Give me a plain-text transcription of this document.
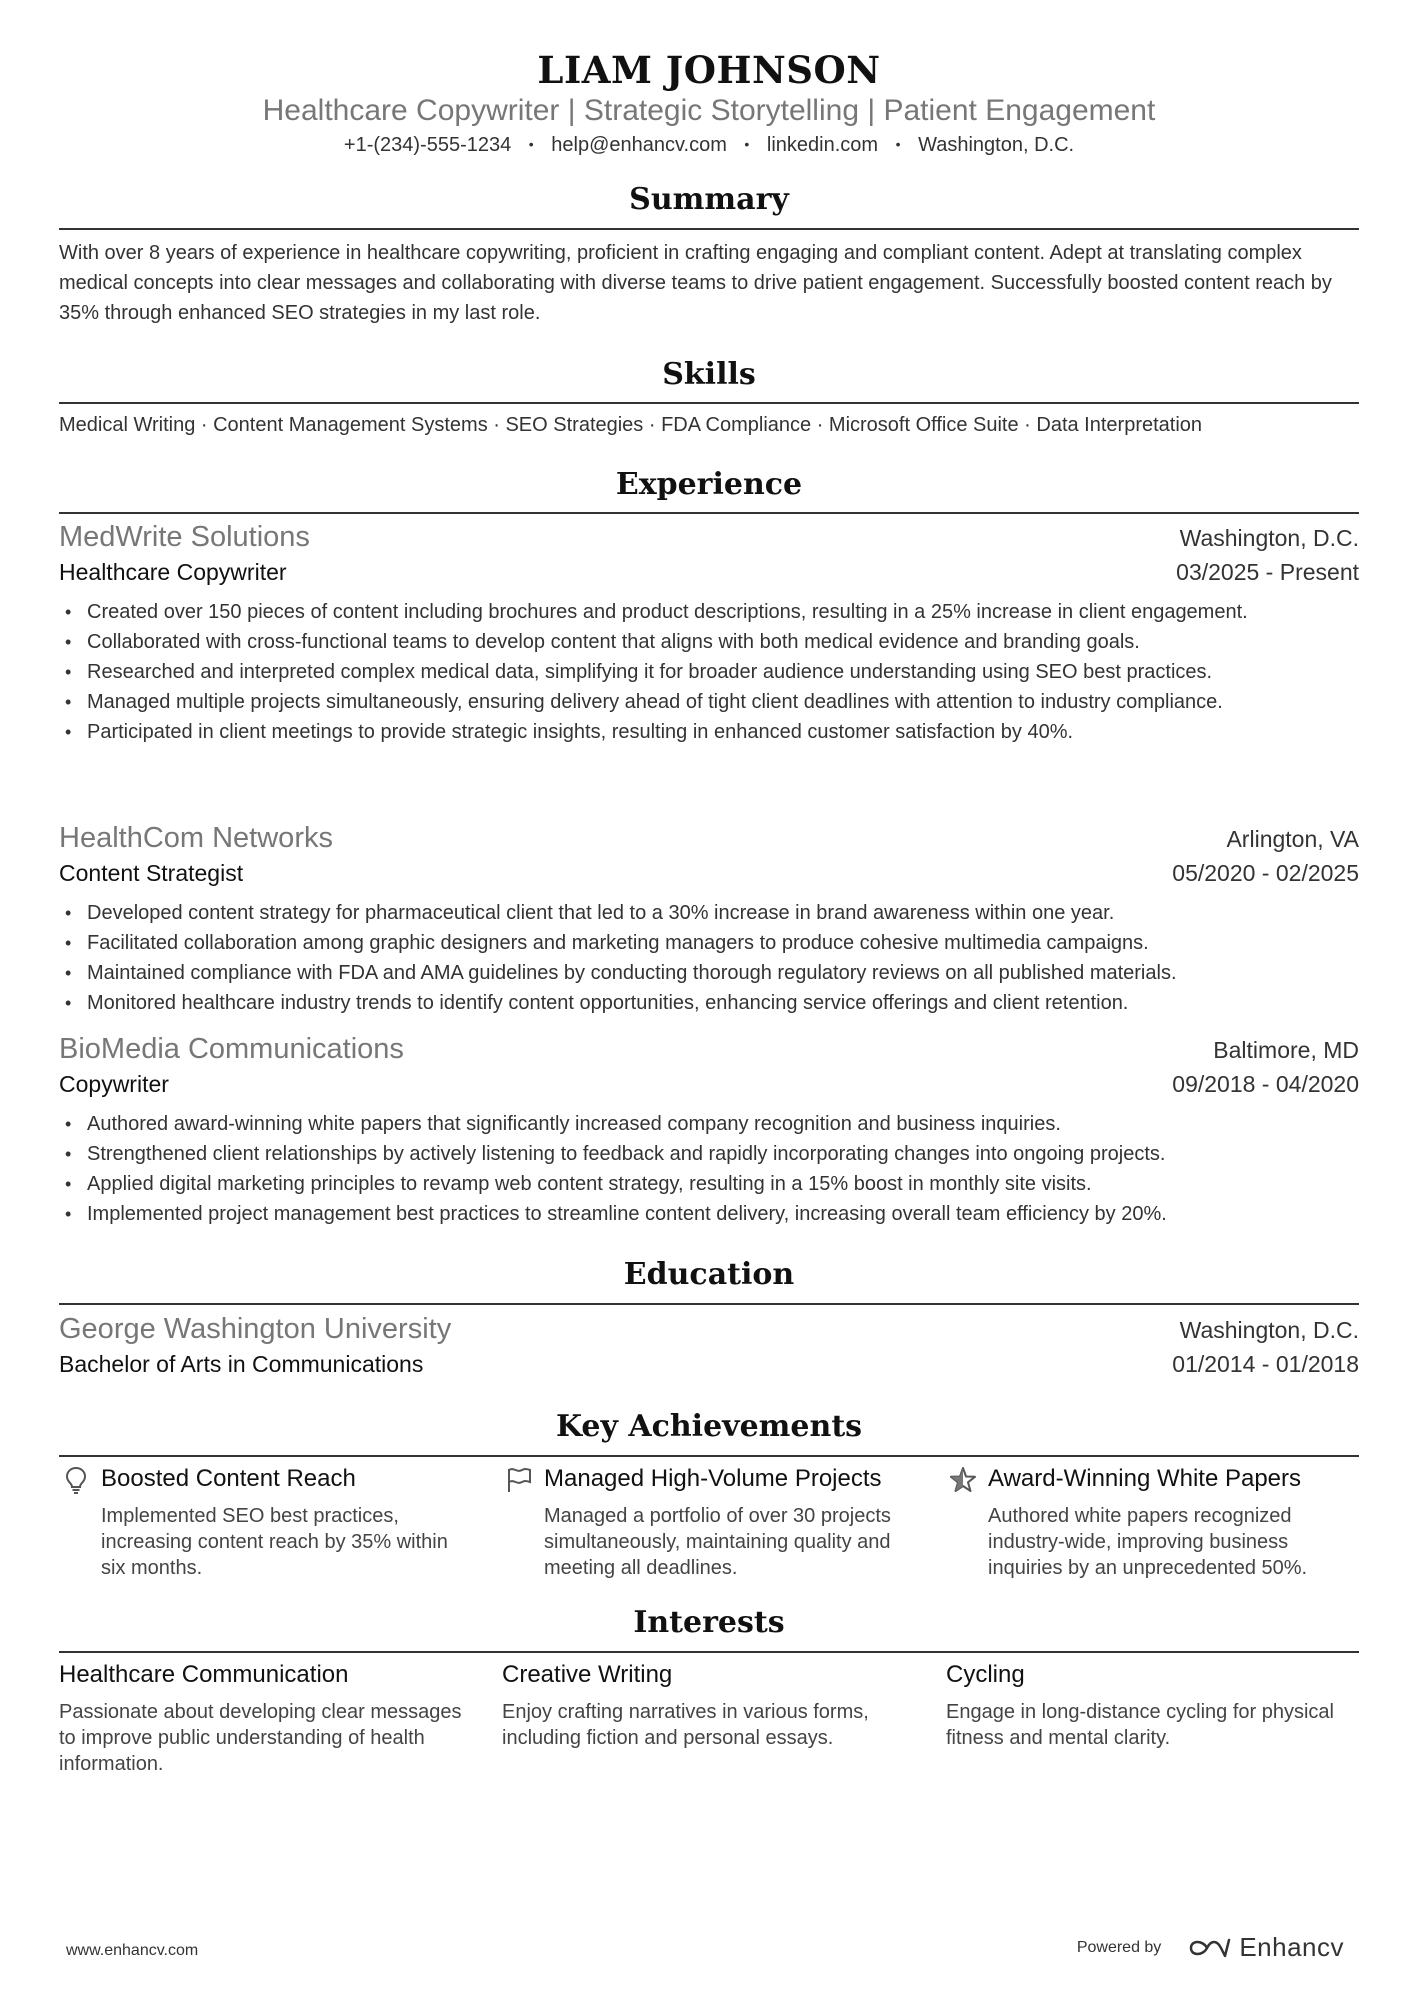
LIAM JOHNSON
Healthcare Copywriter | Strategic Storytelling | Patient Engagement
+1-(234)-555-1234 • help@enhancv.com • linkedin.com • Washington, D.C.
Summary
With over 8 years of experience in healthcare copywriting, proficient in crafting engaging and compliant content. Adept at translating complex medical concepts into clear messages and collaborating with diverse teams to drive patient engagement. Successfully boosted content reach by 35% through enhanced SEO strategies in my last role.
Skills
Medical Writing · Content Management Systems · SEO Strategies · FDA Compliance · Microsoft Office Suite · Data Interpretation
Experience
MedWrite Solutions	Washington, D.C.
Healthcare Copywriter	03/2025 - Present
• Created over 150 pieces of content including brochures and product descriptions, resulting in a 25% increase in client engagement.
• Collaborated with cross-functional teams to develop content that aligns with both medical evidence and branding goals.
• Researched and interpreted complex medical data, simplifying it for broader audience understanding using SEO best practices.
• Managed multiple projects simultaneously, ensuring delivery ahead of tight client deadlines with attention to industry compliance.
• Participated in client meetings to provide strategic insights, resulting in enhanced customer satisfaction by 40%.
HealthCom Networks	Arlington, VA
Content Strategist	05/2020 - 02/2025
• Developed content strategy for pharmaceutical client that led to a 30% increase in brand awareness within one year.
• Facilitated collaboration among graphic designers and marketing managers to produce cohesive multimedia campaigns.
• Maintained compliance with FDA and AMA guidelines by conducting thorough regulatory reviews on all published materials.
• Monitored healthcare industry trends to identify content opportunities, enhancing service offerings and client retention.
BioMedia Communications	Baltimore, MD
Copywriter	09/2018 - 04/2020
• Authored award-winning white papers that significantly increased company recognition and business inquiries.
• Strengthened client relationships by actively listening to feedback and rapidly incorporating changes into ongoing projects.
• Applied digital marketing principles to revamp web content strategy, resulting in a 15% boost in monthly site visits.
• Implemented project management best practices to streamline content delivery, increasing overall team efficiency by 20%.
Education
George Washington University	Washington, D.C.
Bachelor of Arts in Communications	01/2014 - 01/2018
Key Achievements
Boosted Content Reach
Implemented SEO best practices, increasing content reach by 35% within six months.
Managed High-Volume Projects
Managed a portfolio of over 30 projects simultaneously, maintaining quality and meeting all deadlines.
Award-Winning White Papers
Authored white papers recognized industry-wide, improving business inquiries by an unprecedented 50%.
Interests
Healthcare Communication
Passionate about developing clear messages to improve public understanding of health information.
Creative Writing
Enjoy crafting narratives in various forms, including fiction and personal essays.
Cycling
Engage in long-distance cycling for physical fitness and mental clarity.
www.enhancv.com	Powered by	Enhancv
